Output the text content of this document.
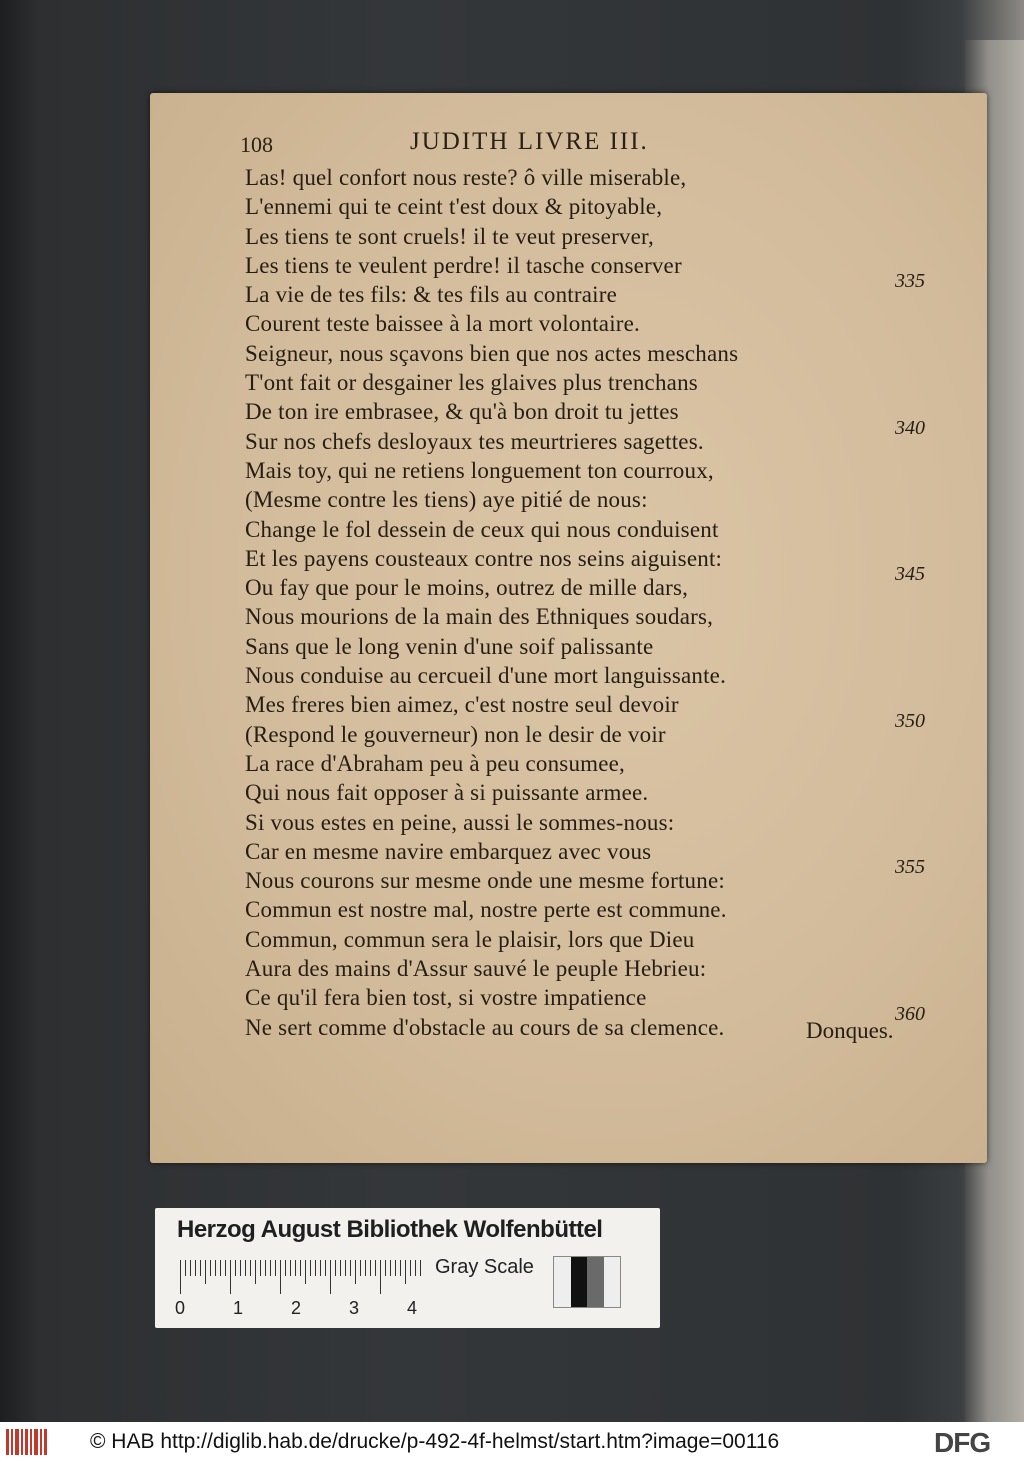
108	JUDITH LIVRE III.
Las! quel confort nous reste? ô ville miserable,
L'ennemi qui te ceint t'est doux & pitoyable,
Les tiens te sont cruels! il te veut preserver,
Les tiens te veulent perdre! il tasche conserver
La vie de tes fils: & tes fils au contraire
Courent teste baissee à la mort volontaire.
Seigneur, nous sçavons bien que nos actes meschans
T'ont fait or desgainer les glaives plus trenchans
De ton ire embrasee, & qu'à bon droit tu jettes
Sur nos chefs desloyaux tes meurtrieres sagettes.
Mais toy, qui ne retiens longuement ton courroux,
(Mesme contre les tiens) aye pitié de nous:
Change le fol dessein de ceux qui nous conduisent
Et les payens cousteaux contre nos seins aiguisent:
Ou fay que pour le moins, outrez de mille dars,
Nous mourions de la main des Ethniques soudars,
Sans que le long venin d'une soif palissante
Nous conduise au cercueil d'une mort languissante.
Mes freres bien aimez, c'est nostre seul devoir
(Respond le gouverneur) non le desir de voir
La race d'Abraham peu à peu consumee,
Qui nous fait opposer à si puissante armee.
Si vous estes en peine, aussi le sommes-nous:
Car en mesme navire embarquez avec vous
Nous courons sur mesme onde une mesme fortune:
Commun est nostre mal, nostre perte est commune.
Commun, commun sera le plaisir, lors que Dieu
Aura des mains d'Assur sauvé le peuple Hebrieu:
Ce qu'il fera bien tost, si vostre impatience
Ne sert comme d'obstacle au cours de sa clemence.
335
340
345
350
355
360
Donques.
Herzog August Bibliothek Wolfenbüttel
0	1	2	3	4
Gray Scale
© HAB http://diglib.hab.de/drucke/p-492-4f-helmst/start.htm?image=00116	DFG
